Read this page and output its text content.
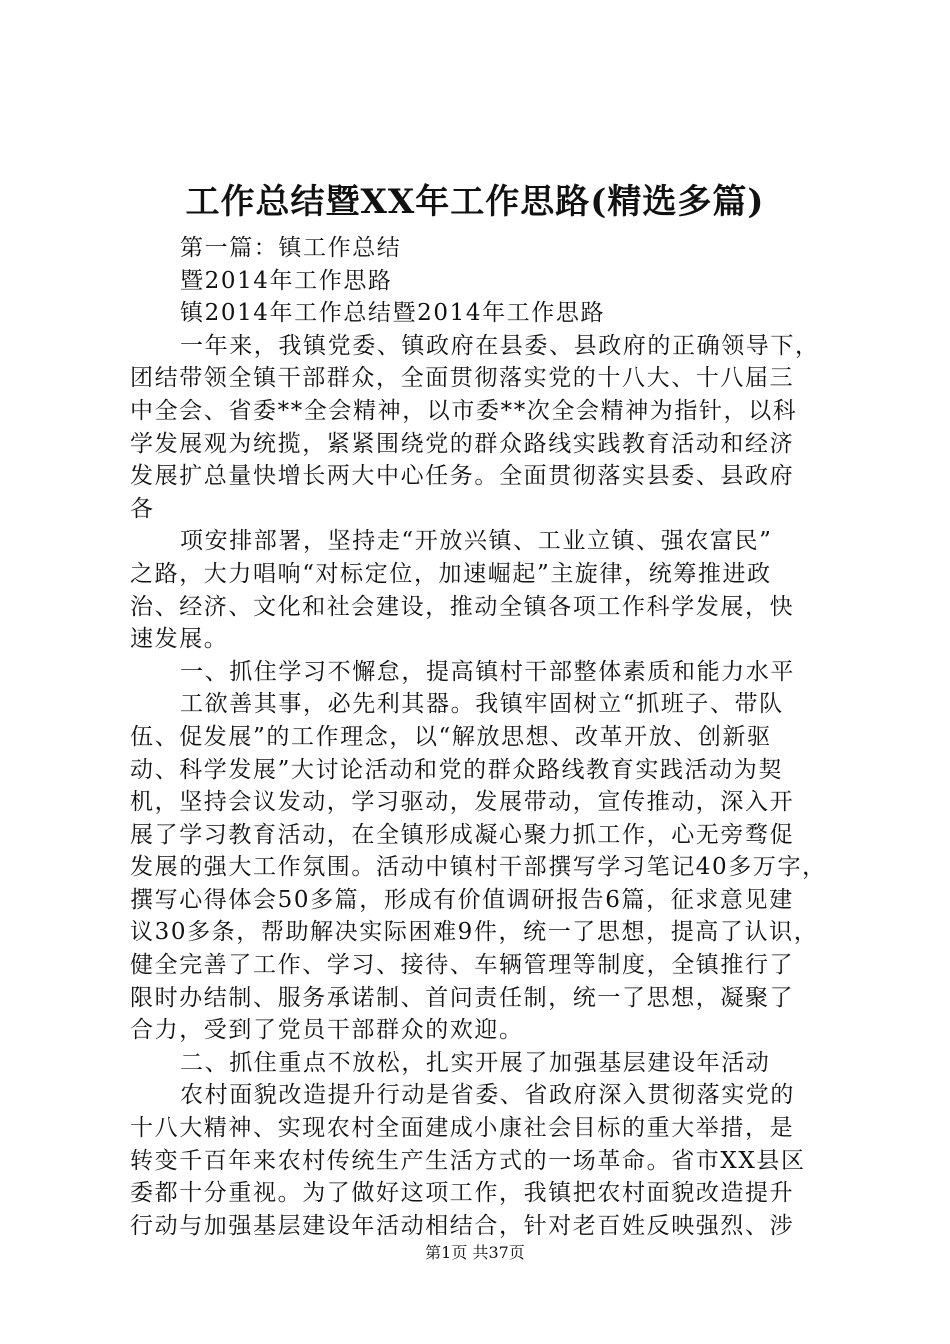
工作总结暨XX年工作思路(精选多篇)
第一篇：镇工作总结
暨2014年工作思路
镇2014年工作总结暨2014年工作思路
一年来，我镇党委、镇政府在县委、县政府的正确领导下，
团结带领全镇干部群众，全面贯彻落实党的十八大、十八届三
中全会、省委**全会精神，以市委**次全会精神为指针，以科
学发展观为统揽，紧紧围绕党的群众路线实践教育活动和经济
发展扩总量快增长两大中心任务。全面贯彻落实县委、县政府
各
项安排部署，坚持走“开放兴镇、工业立镇、强农富民”
之路，大力唱响“对标定位，加速崛起”主旋律，统筹推进政
治、经济、文化和社会建设，推动全镇各项工作科学发展，快
速发展。
一、抓住学习不懈怠，提高镇村干部整体素质和能力水平
工欲善其事，必先利其器。我镇牢固树立“抓班子、带队
伍、促发展”的工作理念，以“解放思想、改革开放、创新驱
动、科学发展”大讨论活动和党的群众路线教育实践活动为契
机，坚持会议发动，学习驱动，发展带动，宣传推动，深入开
展了学习教育活动，在全镇形成凝心聚力抓工作，心无旁骛促
发展的强大工作氛围。活动中镇村干部撰写学习笔记40多万字，
撰写心得体会50多篇，形成有价值调研报告6篇，征求意见建
议30多条，帮助解决实际困难9件，统一了思想，提高了认识，
健全完善了工作、学习、接待、车辆管理等制度，全镇推行了
限时办结制、服务承诺制、首问责任制，统一了思想，凝聚了
合力，受到了党员干部群众的欢迎。
二、抓住重点不放松，扎实开展了加强基层建设年活动
农村面貌改造提升行动是省委、省政府深入贯彻落实党的
十八大精神、实现农村全面建成小康社会目标的重大举措，是
转变千百年来农村传统生产生活方式的一场革命。省市XX县区
委都十分重视。为了做好这项工作，我镇把农村面貌改造提升
行动与加强基层建设年活动相结合，针对老百姓反映强烈、涉
第1页 共37页
